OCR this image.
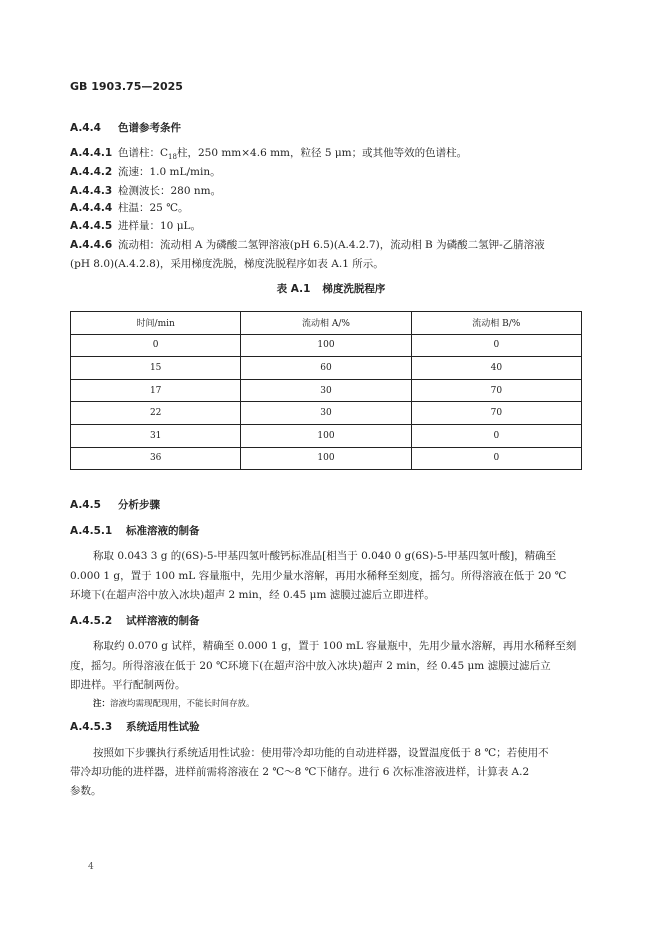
GB 1903.75—2025
A.4.4 色谱参考条件
A.4.4.1 色谱柱：$C_{18}$柱，250 mm×4.6 mm，粒径 5 μm；或其他等效的色谱柱。
A.4.4.2 流速：1.0 mL/min。
A.4.4.3 检测波长：280 nm。
A.4.4.4 柱温：25 ℃。
A.4.4.5 进样量：10 μL。
A.4.4.6 流动相：流动相 A 为磷酸二氢钾溶液(pH 6.5)(A.4.2.7)，流动相 B 为磷酸二氢钾-乙腈溶液
(pH 8.0)(A.4.2.8)，采用梯度洗脱，梯度洗脱程序如表 A.1 所示。
表 A.1 梯度洗脱程序
时间/min	流动相 A/%	流动相 B/%
0	100	0
15	60	40
17	30	70
22	30	70
31	100	0
36	100	0
A.4.5 分析步骤
A.4.5.1 标准溶液的制备
称取 0.043 3 g 的(6S)-5-甲基四氢叶酸钙标准品[相当于 0.040 0 g(6S)-5-甲基四氢叶酸]，精确至
0.000 1 g，置于 100 mL 容量瓶中，先用少量水溶解，再用水稀释至刻度，摇匀。所得溶液在低于 20 ℃
环境下(在超声浴中放入冰块)超声 2 min，经 0.45 μm 滤膜过滤后立即进样。
A.4.5.2 试样溶液的制备
称取约 0.070 g 试样，精确至 0.000 1 g，置于 100 mL 容量瓶中，先用少量水溶解，再用水稀释至刻
度，摇匀。所得溶液在低于 20 ℃环境下(在超声浴中放入冰块)超声 2 min，经 0.45 μm 滤膜过滤后立
即进样。平行配制两份。
注：溶液均需现配现用，不能长时间存放。
A.4.5.3 系统适用性试验
按照如下步骤执行系统适用性试验：使用带冷却功能的自动进样器，设置温度低于 8 ℃；若使用不
带冷却功能的进样器，进样前需将溶液在 2 ℃～8 ℃下储存。进行 6 次标准溶液进样，计算表 A.2
参数。
4
